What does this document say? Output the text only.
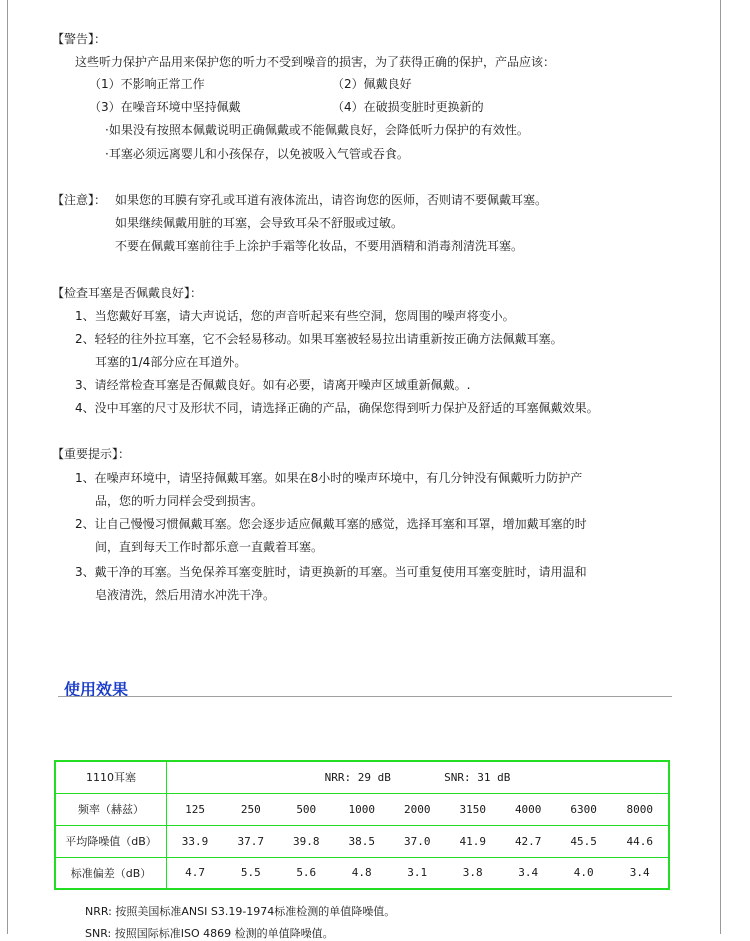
【警告】：
这些听力保护产品用来保护您的听力不受到噪音的损害，为了获得正确的保护，产品应该：
（1）不影响正常工作	（2）佩戴良好
（3）在噪音环境中坚持佩戴	（4）在破损变脏时更换新的
·如果没有按照本佩戴说明正确佩戴或不能佩戴良好，会降低听力保护的有效性。
·耳塞必须远离婴儿和小孩保存，以免被吸入气管或吞食。
【注意】： 如果您的耳膜有穿孔或耳道有液体流出，请咨询您的医师，否则请不要佩戴耳塞。
如果继续佩戴用脏的耳塞，会导致耳朵不舒服或过敏。
不要在佩戴耳塞前往手上涂护手霜等化妆品，不要用酒精和消毒剂清洗耳塞。
【检查耳塞是否佩戴良好】：
1、当您戴好耳塞，请大声说话，您的声音听起来有些空洞，您周围的噪声将变小。
2、轻轻的往外拉耳塞，它不会轻易移动。如果耳塞被轻易拉出请重新按正确方法佩戴耳塞。
耳塞的1/4部分应在耳道外。
3、请经常检查耳塞是否佩戴良好。如有必要，请离开噪声区域重新佩戴。.
4、没中耳塞的尺寸及形状不同，请选择正确的产品，确保您得到听力保护及舒适的耳塞佩戴效果。
【重要提示】：
1、在噪声环境中，请坚持佩戴耳塞。如果在8小时的噪声环境中，有几分钟没有佩戴听力防护产
品，您的听力同样会受到损害。
2、让自己慢慢习惯佩戴耳塞。您会逐步适应佩戴耳塞的感觉，选择耳塞和耳罩，增加戴耳塞的时
间，直到每天工作时都乐意一直戴着耳塞。
3、戴干净的耳塞。当免保养耳塞变脏时，请更换新的耳塞。当可重复使用耳塞变脏时，请用温和
皂液清洗，然后用清水冲洗干净。
使用效果
1110耳塞	NRR: 29 dB SNR: 31 dB								
频率（赫兹）	125	250	500	1000	2000	3150	4000	6300	8000
平均降噪值（dB）	33.9	37.7	39.8	38.5	37.0	41.9	42.7	45.5	44.6
标准偏差（dB）	4.7	5.5	5.6	4.8	3.1	3.8	3.4	4.0	3.4
NRR: 按照美国标准ANSI S3.19-1974标准检测的单值降噪值。
SNR: 按照国际标准ISO 4869 检测的单值降噪值。
